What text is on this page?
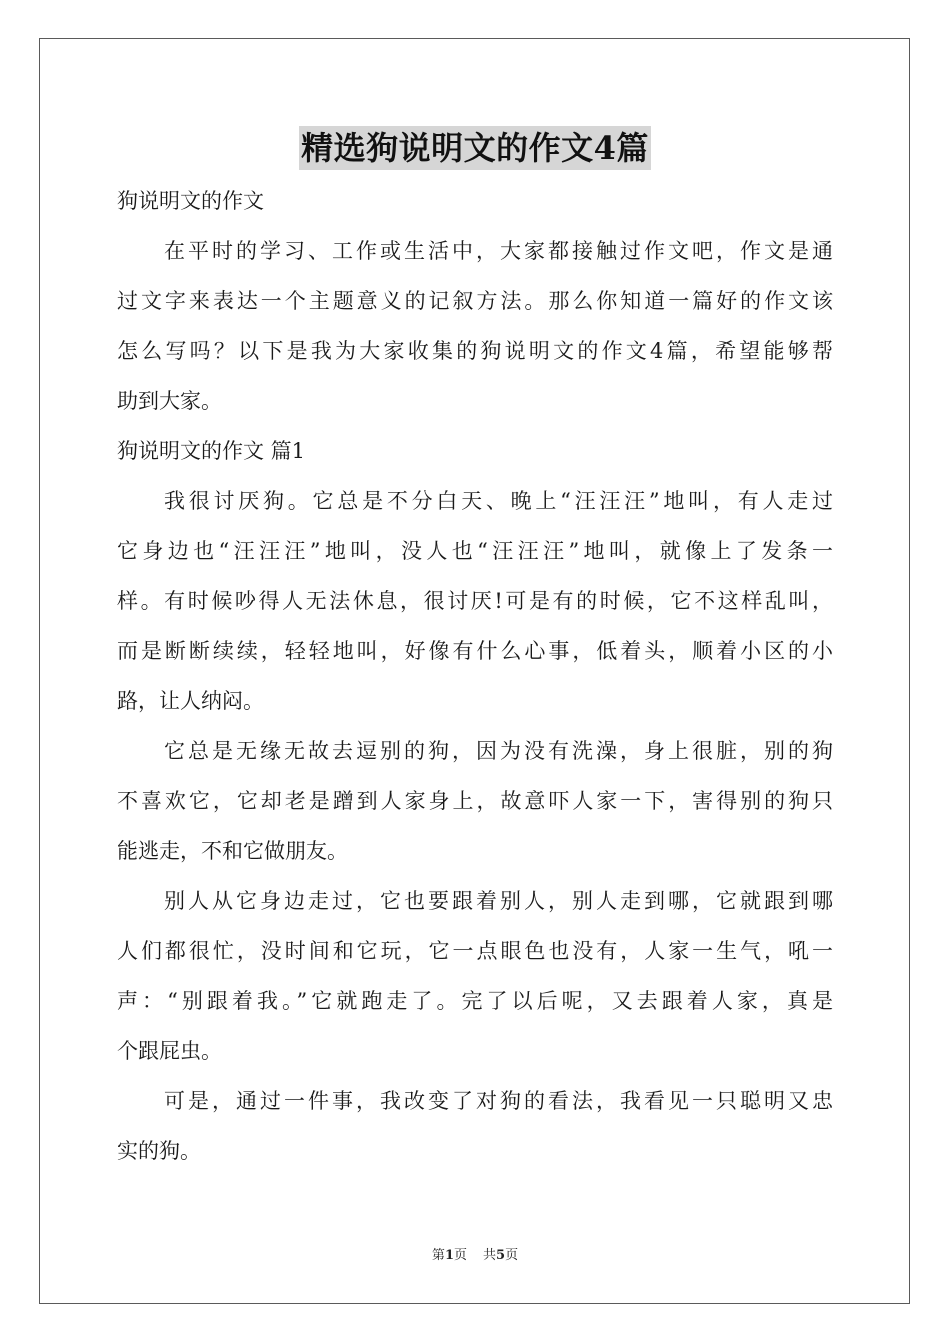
精选狗说明文的作文4篇
狗说明文的作文
在平时的学习、工作或生活中，大家都接触过作文吧，作文是通
过文字来表达一个主题意义的记叙方法。那么你知道一篇好的作文该
怎么写吗？以下是我为大家收集的狗说明文的作文4篇，希望能够帮
助到大家。
狗说明文的作文 篇1
我很讨厌狗。它总是不分白天、晚上“汪汪汪”地叫，有人走过
它身边也“汪汪汪”地叫，没人也“汪汪汪”地叫，就像上了发条一
样。有时候吵得人无法休息，很讨厌!可是有的时候，它不这样乱叫，
而是断断续续，轻轻地叫，好像有什么心事，低着头，顺着小区的小
路，让人纳闷。
它总是无缘无故去逗别的狗，因为没有洗澡，身上很脏，别的狗
不喜欢它，它却老是蹭到人家身上，故意吓人家一下，害得别的狗只
能逃走，不和它做朋友。
别人从它身边走过，它也要跟着别人，别人走到哪，它就跟到哪
人们都很忙，没时间和它玩，它一点眼色也没有，人家一生气，吼一
声：“别跟着我。”它就跑走了。完了以后呢，又去跟着人家，真是
个跟屁虫。
可是，通过一件事，我改变了对狗的看法，我看见一只聪明又忠
实的狗。
第1页 共5页
